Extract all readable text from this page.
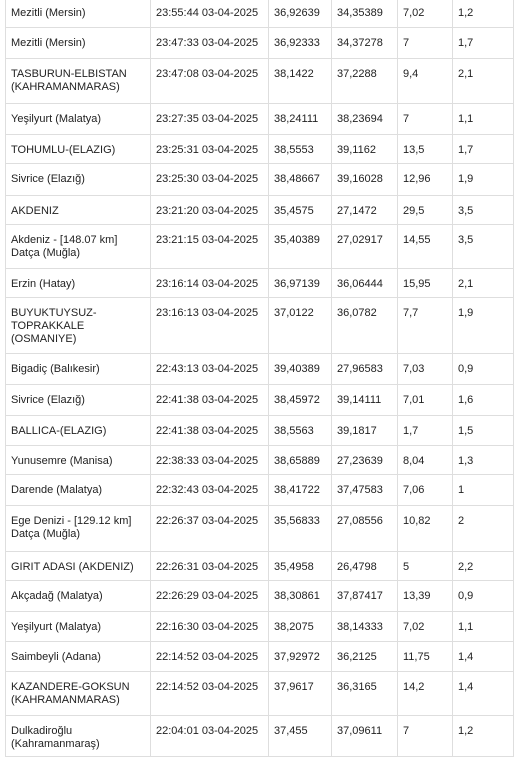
Mezitli (Mersin)	23:55:44 03-04-2025	36,92639	34,35389	7,02	1,2
Mezitli (Mersin)	23:47:33 03-04-2025	36,92333	34,37278	7	1,7
TASBURUN-ELBISTAN
(KAHRAMANMARAS)	23:47:08 03-04-2025	38,1422	37,2288	9,4	2,1
Yeşilyurt (Malatya)	23:27:35 03-04-2025	38,24111	38,23694	7	1,1
TOHUMLU-(ELAZIG)	23:25:31 03-04-2025	38,5553	39,1162	13,5	1,7
Sivrice (Elazığ)	23:25:30 03-04-2025	38,48667	39,16028	12,96	1,9
AKDENIZ	23:21:20 03-04-2025	35,4575	27,1472	29,5	3,5
Akdeniz - [148.07 km]
Datça (Muğla)	23:21:15 03-04-2025	35,40389	27,02917	14,55	3,5
Erzin (Hatay)	23:16:14 03-04-2025	36,97139	36,06444	15,95	2,1
BUYUKTUYSUZ-
TOPRAKKALE
(OSMANIYE)	23:16:13 03-04-2025	37,0122	36,0782	7,7	1,9
Bigadiç (Balıkesir)	22:43:13 03-04-2025	39,40389	27,96583	7,03	0,9
Sivrice (Elazığ)	22:41:38 03-04-2025	38,45972	39,14111	7,01	1,6
BALLICA-(ELAZIG)	22:41:38 03-04-2025	38,5563	39,1817	1,7	1,5
Yunusemre (Manisa)	22:38:33 03-04-2025	38,65889	27,23639	8,04	1,3
Darende (Malatya)	22:32:43 03-04-2025	38,41722	37,47583	7,06	1
Ege Denizi - [129.12 km]
Datça (Muğla)	22:26:37 03-04-2025	35,56833	27,08556	10,82	2
GIRIT ADASI (AKDENIZ)	22:26:31 03-04-2025	35,4958	26,4798	5	2,2
Akçadağ (Malatya)	22:26:29 03-04-2025	38,30861	37,87417	13,39	0,9
Yeşilyurt (Malatya)	22:16:30 03-04-2025	38,2075	38,14333	7,02	1,1
Saimbeyli (Adana)	22:14:52 03-04-2025	37,92972	36,2125	11,75	1,4
KAZANDERE-GOKSUN
(KAHRAMANMARAS)	22:14:52 03-04-2025	37,9617	36,3165	14,2	1,4
Dulkadiroğlu
(Kahramanmaraş)	22:04:01 03-04-2025	37,455	37,09611	7	1,2
